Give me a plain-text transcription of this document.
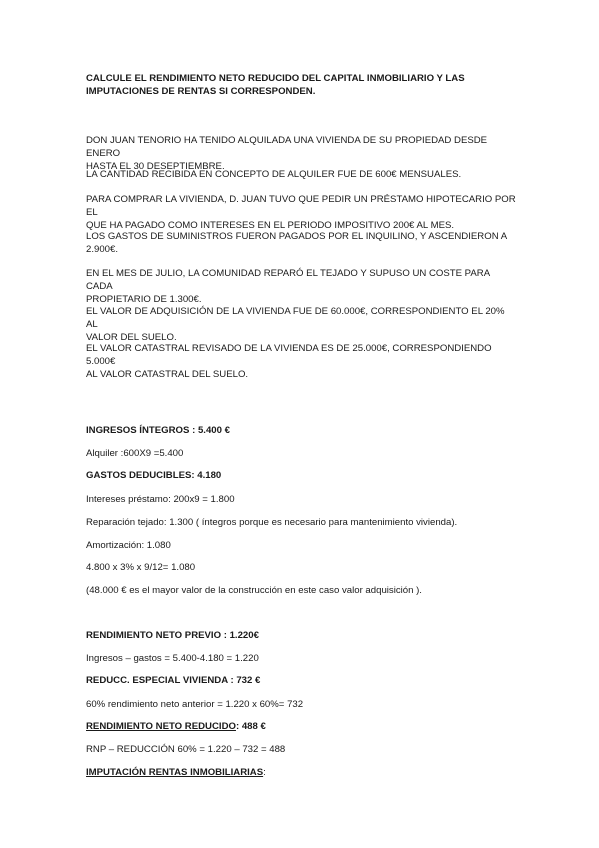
CALCULE EL RENDIMIENTO NETO REDUCIDO DEL CAPITAL INMOBILIARIO Y LAS
IMPUTACIONES DE RENTAS SI CORRESPONDEN.

DON JUAN TENORIO HA TENIDO ALQUILADA UNA VIVIENDA DE SU PROPIEDAD DESDE ENERO
HASTA EL 30 DESEPTIEMBRE.

LA CANTIDAD RECIBIDA EN CONCEPTO DE ALQUILER FUE DE 600€ MENSUALES.

PARA COMPRAR LA VIVIENDA, D. JUAN TUVO QUE PEDIR UN PRÉSTAMO HIPOTECARIO POR EL
QUE HA PAGADO COMO INTERESES EN EL PERIODO IMPOSITIVO 200€ AL MES.

LOS GASTOS DE SUMINISTROS FUERON PAGADOS POR EL INQUILINO, Y ASCENDIERON A
2.900€.

EN EL MES DE JULIO, LA COMUNIDAD REPARÓ EL TEJADO Y SUPUSO UN COSTE PARA CADA
PROPIETARIO DE 1.300€.

EL VALOR DE ADQUISICIÓN DE LA VIVIENDA FUE DE 60.000€, CORRESPONDIENTO EL 20% AL
VALOR DEL SUELO.

EL VALOR CATASTRAL REVISADO DE LA VIVIENDA ES DE 25.000€, CORRESPONDIENDO 5.000€
AL VALOR CATASTRAL DEL SUELO.

INGRESOS ÍNTEGROS : 5.400 €

Alquiler :600X9 =5.400

GASTOS DEDUCIBLES: 4.180

Intereses préstamo: 200x9 = 1.800

Reparación tejado: 1.300 ( íntegros porque es necesario para mantenimiento vivienda).

Amortización: 1.080

4.800 x 3% x 9/12= 1.080

(48.000 € es el mayor valor de la construcción en este caso valor adquisición ).

RENDIMIENTO NETO PREVIO : 1.220€

Ingresos – gastos = 5.400-4.180 = 1.220

REDUCC. ESPECIAL VIVIENDA : 732 €

60% rendimiento neto anterior = 1.220 x 60%= 732

RENDIMIENTO NETO REDUCIDO: 488 €

RNP – REDUCCIÓN 60% = 1.220 – 732 = 488

IMPUTACIÓN RENTAS INMOBILIARIAS:
